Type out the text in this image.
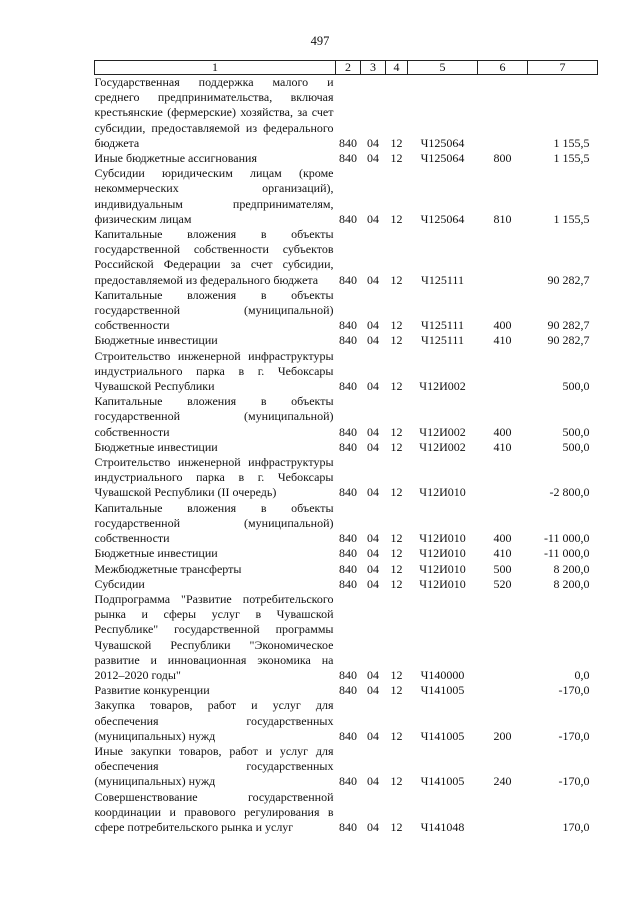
497
1	2	3	4	5	6	7
Государственная поддержка малого и среднего предпринимательства, включая крестьянские (фермерские) хозяйства, за счет субсидии, предоставляемой из федерального бюджета	840	04	12	Ч125064		1 155,5
Иные бюджетные ассигнования	840	04	12	Ч125064	800	1 155,5
Субсидии юридическим лицам (кроме некоммерческих организаций), индивидуальным предпринимателям, физическим лицам	840	04	12	Ч125064	810	1 155,5
Капитальные вложения в объекты государственной собственности субъектов Российской Федерации за счет субсидии, предоставляемой из федерального бюджета	840	04	12	Ч125111		90 282,7
Капитальные вложения в объекты государственной (муниципальной) собственности	840	04	12	Ч125111	400	90 282,7
Бюджетные инвестиции	840	04	12	Ч125111	410	90 282,7
Строительство инженерной инфраструктуры индустриального парка в г. Чебоксары Чувашской Республики	840	04	12	Ч12И002		500,0
Капитальные вложения в объекты государственной (муниципальной) собственности	840	04	12	Ч12И002	400	500,0
Бюджетные инвестиции	840	04	12	Ч12И002	410	500,0
Строительство инженерной инфраструктуры индустриального парка в г. Чебоксары Чувашской Республики (II очередь)	840	04	12	Ч12И010		-2 800,0
Капитальные вложения в объекты государственной (муниципальной) собственности	840	04	12	Ч12И010	400	-11 000,0
Бюджетные инвестиции	840	04	12	Ч12И010	410	-11 000,0
Межбюджетные трансферты	840	04	12	Ч12И010	500	8 200,0
Субсидии	840	04	12	Ч12И010	520	8 200,0
Подпрограмма "Развитие потребительского рынка и сферы услуг в Чувашской Республике" государственной программы Чувашской Республики "Экономическое развитие и инновационная экономика на 2012–2020 годы"	840	04	12	Ч140000		0,0
Развитие конкуренции	840	04	12	Ч141005		-170,0
Закупка товаров, работ и услуг для обеспечения государственных (муниципальных) нужд	840	04	12	Ч141005	200	-170,0
Иные закупки товаров, работ и услуг для обеспечения государственных (муниципальных) нужд	840	04	12	Ч141005	240	-170,0
Совершенствование государственной координации и правового регулирования в сфере потребительского рынка и услуг	840	04	12	Ч141048		170,0
